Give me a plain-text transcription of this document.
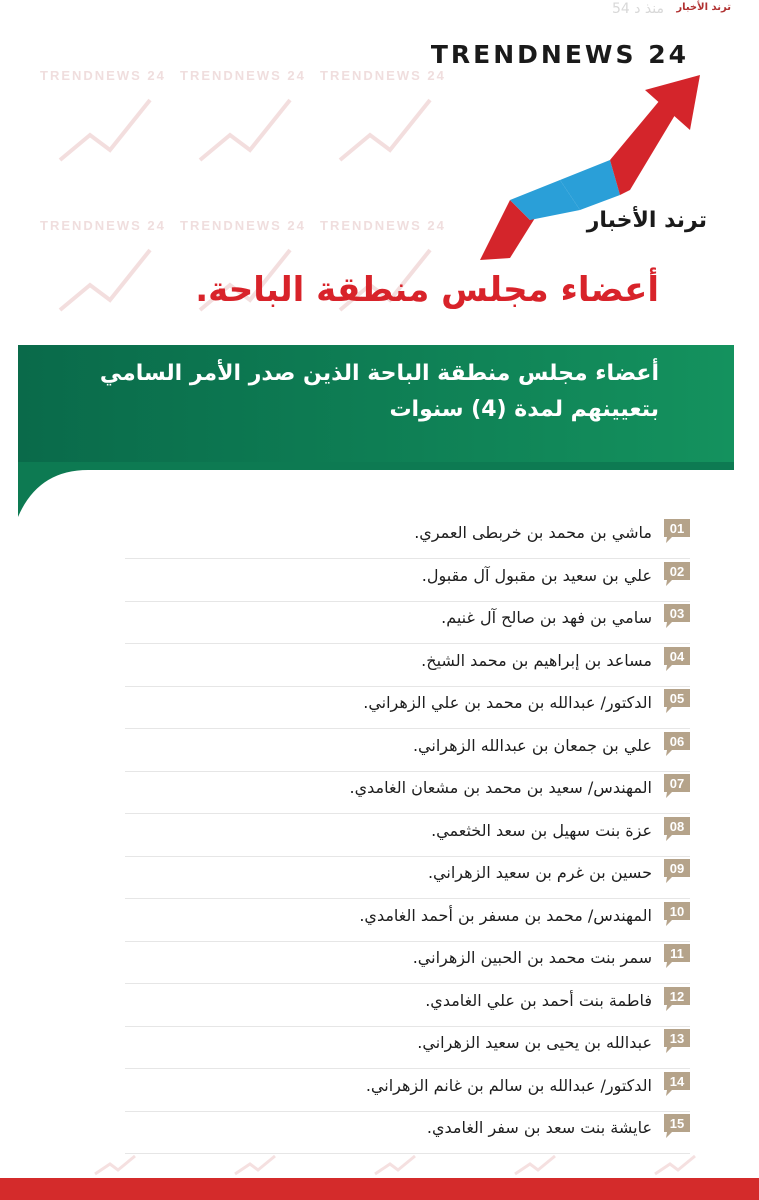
TRENDNEWS 24 TRENDNEWS 24 TRENDNEWS 24
TRENDNEWS 24 TRENDNEWS 24 TRENDNEWS 24
منذ د 54 ترند الأخبار
TRENDNEWS 24
ترند الأخبار
أعضاء مجلس منطقة الباحة.
أعضاء مجلس منطقة الباحة الذين صدر الأمر السامي بتعيينهم لمدة (4) سنوات
01
ماشي بن محمد بن خربطى العمري.
02
علي بن سعيد بن مقبول آل مقبول.
03
سامي بن فهد بن صالح آل غنيم.
04
مساعد بن إبراهيم بن محمد الشيخ.
05
الدكتور/ عبدالله بن محمد بن علي الزهراني.
06
علي بن جمعان بن عبدالله الزهراني.
07
المهندس/ سعيد بن محمد بن مشعان الغامدي.
08
عزة بنت سهيل بن سعد الخثعمي.
09
حسين بن غرم بن سعيد الزهراني.
10
المهندس/ محمد بن مسفر بن أحمد الغامدي.
11
سمر بنت محمد بن الحبين الزهراني.
12
فاطمة بنت أحمد بن علي الغامدي.
13
عبدالله بن يحيى بن سعيد الزهراني.
14
الدكتور/ عبدالله بن سالم بن غانم الزهراني.
15
عايشة بنت سعد بن سفر الغامدي.
